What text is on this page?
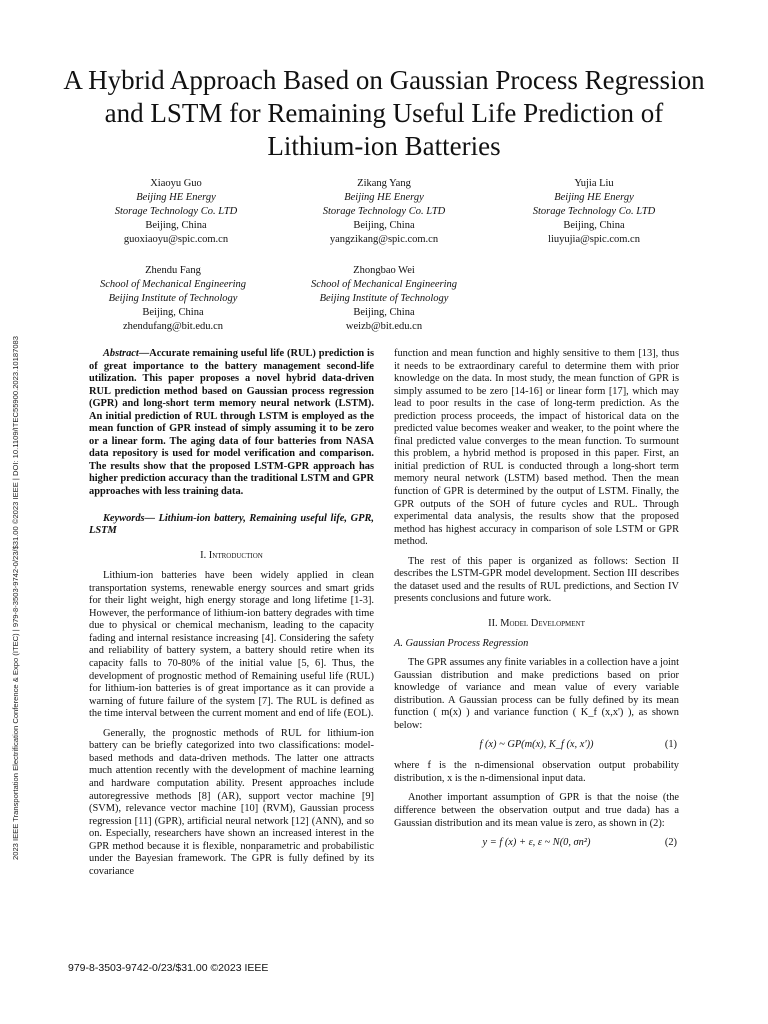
A Hybrid Approach Based on Gaussian Process Regression and LSTM for Remaining Useful Life Prediction of Lithium-ion Batteries
Xiaoyu Guo
Beijing HE Energy
Storage Technology Co. LTD
Beijing, China
guoxiaoyu@spic.com.cn
Zikang Yang
Beijing HE Energy
Storage Technology Co. LTD
Beijing, China
yangzikang@spic.com.cn
Yujia Liu
Beijing HE Energy
Storage Technology Co. LTD
Beijing, China
liuyujia@spic.com.cn
Zhendu Fang
School of Mechanical Engineering
Beijing Institute of Technology
Beijing, China
zhendufang@bit.edu.cn
Zhongbao Wei
School of Mechanical Engineering
Beijing Institute of Technology
Beijing, China
weizb@bit.edu.cn
2023 IEEE Transportation Electrification Conference & Expo (ITEC) | 979-8-3503-9742-0/23/$31.00 ©2023 IEEE | DOI: 10.1109/ITEC55900.2023.10187083	Abstract—Accurate remaining useful life (RUL) prediction is of great importance to the battery management second-life utilization. This paper proposes a novel hybrid data-driven RUL prediction method based on Gaussian process regression (GPR) and long-short term memory neural network (LSTM). An initial prediction of RUL through LSTM is employed as the mean function of GPR instead of simply assuming it to be zero or a linear form. The aging data of four batteries from NASA data repository is used for model verification and comparison. The results show that the proposed LSTM-GPR approach has higher prediction accuracy than the traditional LSTM and GPR approaches with less training data.

Keywords— Lithium-ion battery, Remaining useful life, GPR, LSTM

I. Introduction

Lithium-ion batteries have been widely applied in clean transportation systems, renewable energy sources and smart grids for their light weight, high energy storage and long lifetime [1-3]. However, the performance of lithium-ion battery degrades with time due to physical or chemical mechanism, leading to the capacity fading and internal resistance increasing [4]. Considering the safety and reliability of battery system, a battery should retire when its capacity falls to 70-80% of the initial value [5, 6]. Thus, the development of prognostic method of Remaining useful life (RUL) for lithium-ion batteries is of great importance as it can provide a warning of future failure of the system [7]. The RUL is defined as the time interval between the current moment and end of life (EOL).

Generally, the prognostic methods of RUL for lithium-ion battery can be briefly categorized into two classifications: model-based methods and data-driven methods. The latter one attracts much attention recently with the development of machine learning and hardware computation ability. Present approaches include autoregressive methods [8] (AR), support vector machine [9] (SVM), relevance vector machine [10] (RVM), Gaussian process regression [11] (GPR), artificial neural network [12] (ANN), and so on. Especially, researchers have shown an increased interest in the GPR method because it is flexible, nonparametric and probabilistic under the Bayesian framework. The GPR is fully defined by its covariance

function and mean function and highly sensitive to them [13], thus it needs to be extraordinary careful to determine them with prior knowledge on the data. In most study, the mean function of GPR is simply assumed to be zero [14-16] or linear form [17], which may lead to poor results in the case of long-term prediction. As the prediction process proceeds, the impact of historical data on the predicted value becomes weaker and weaker, to the point where the final predicted value converges to the mean function. To surmount this problem, a hybrid method is proposed in this paper. First, an initial prediction of RUL is conducted through a long-short term memory neural network (LSTM) based method. Then the mean function of GPR is determined by the output of LSTM. Finally, the GPR outputs of the SOH of future cycles and RUL. Through experimental data analysis, the results show that the proposed method has highest accuracy in comparison of sole LSTM or GPR method.

The rest of this paper is organized as follows: Section II describes the LSTM-GPR model development. Section III describes the dataset used and the results of RUL predictions, and Section IV presents conclusions and future work.

II. Model Development

A. Gaussian Process Regression

The GPR assumes any finite variables in a collection have a joint Gaussian distribution and make predictions based on prior knowledge of variance and mean value of every variable distribution. A Gaussian process can be fully defined by its mean function ( m(x) ) and variance function ( K_f (x,x') ), as shown below:

f (x) ~ GP(m(x), K_f (x, x'))	(1)

where f is the n-dimensional observation output probability distribution, x is the n-dimensional input data.

Another important assumption of GPR is that the noise (the difference between the observation output and true dada) has a Gaussian distribution and its mean value is zero, as shown in (2):

y = f (x) + ε, ε ~ N(0, σn²)	(2)
979-8-3503-9742-0/23/$31.00 ©2023 IEEE
